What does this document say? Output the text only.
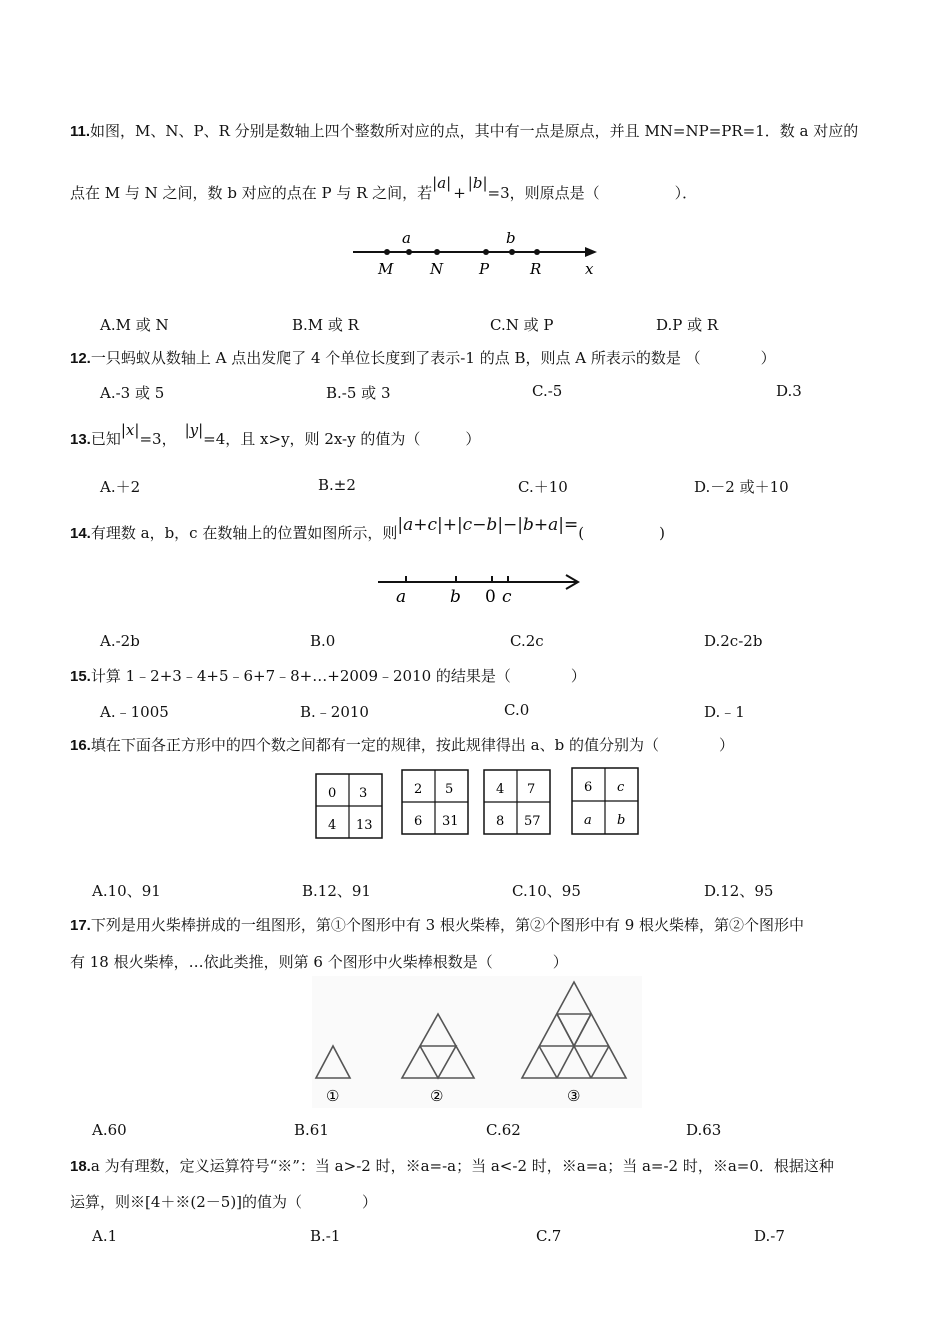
11.如图，M、N、P、R 分别是数轴上四个整数所对应的点，其中有一点是原点，并且 MN=NP=PR=1．数 a 对应的
点在 M 与 N 之间，数 b 对应的点在 P 与 R 之间，若|a|+|b|=3，则原点是（　　　　　）．
a	b
M N P	R	x
A.M 或 N	B.M 或 R	C.N 或 P	D.P 或 R
12.一只蚂蚁从数轴上 A 点出发爬了 4 个单位长度到了表示-1 的点 B，则点 A 所表示的数是 （　　　　）
A.-3 或 5	B.-5 或 3	C.-5	D.3
13.已知|x|=3， |y|=4，且 x>y，则 2x-y 的值为（　　　）
A.＋2	B.±2	C.＋10	D.－2 或＋10
14.有理数 a，b，c 在数轴上的位置如图所示，则|a+c|+|c−b|−|b+a|=(　　　　　)
a	b 0 c
A.-2b	B.0	C.2c	D.2c-2b
15.计算 1﹣2+3﹣4+5﹣6+7﹣8+…+2009﹣2010 的结果是（　　　　）
A.﹣1005	B.﹣2010	C.0	D.﹣1
16.填在下面各正方形中的四个数之间都有一定的规律，按此规律得出 a、b 的值分别为（　　　　）
0 3
4 13
2 5
6 31
4 7
8 57
6 c
a b
A.10、91	B.12、91	C.10、95	D.12、95
17.下列是用火柴棒拼成的一组图形，第①个图形中有 3 根火柴棒，第②个图形中有 9 根火柴棒，第②个图形中
有 18 根火柴棒，…依此类推，则第 6 个图形中火柴棒根数是（　　　　）
①	②	③
A.60	B.61	C.62	D.63
18.a 为有理数，定义运算符号“※”：当 a>-2 时，※a=-a；当 a<-2 时，※a=a；当 a=-2 时，※a=0．根据这种
运算，则※[4＋※(2－5)]的值为（　　　　）
A.1	B.-1	C.7	D.-7
